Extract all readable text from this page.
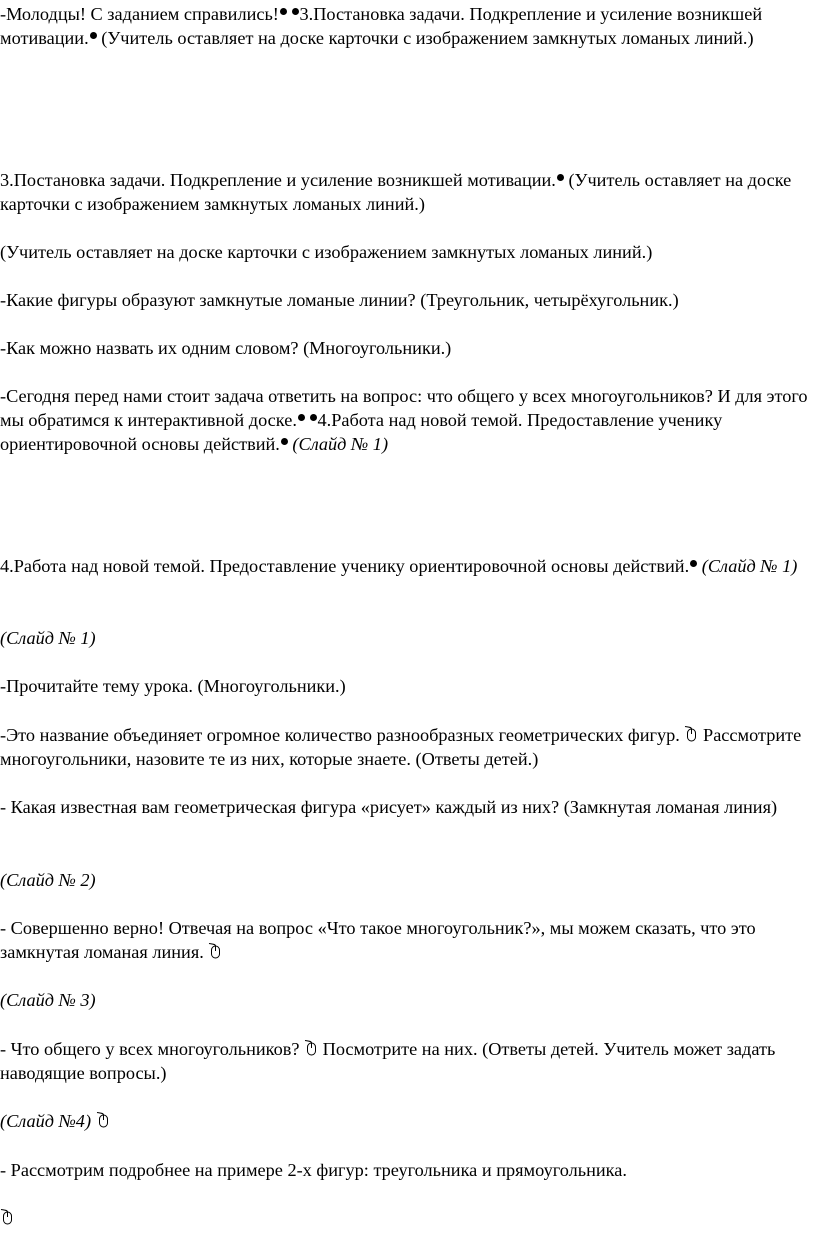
-Молодцы! С заданием справились! 3.Постановка задачи. Подкрепление и усиление возникшей мотивации. (Учитель оставляет на доске карточки с изображением замкнутых ломаных линий.)

3.Постановка задачи. Подкрепление и усиление возникшей мотивации. (Учитель оставляет на доске карточки с изображением замкнутых ломаных линий.)

(Учитель оставляет на доске карточки с изображением замкнутых ломаных линий.)

-Какие фигуры образуют замкнутые ломаные линии? (Треугольник, четырёхугольник.)

-Как можно назвать их одним словом? (Многоугольники.)

-Сегодня перед нами стоит задача ответить на вопрос: что общего у всех многоугольников? И для этого мы обратимся к интерактивной доске. 4.Работа над новой темой. Предоставление ученику ориентировочной основы действий. (Слайд № 1)

4.Работа над новой темой. Предоставление ученику ориентировочной основы действий. (Слайд № 1)

(Слайд № 1)

-Прочитайте тему урока. (Многоугольники.)

-Это название объединяет огромное количество разнообразных геометрических фигур.
Рассмотрите многоугольники, назовите те из них, которые знаете. (Ответы детей.)

- Какая известная вам геометрическая фигура «рисует» каждый из них? (Замкнутая ломаная линия)

(Слайд № 2)

- Совершенно верно! Отвечая на вопрос «Что такое многоугольник?», мы можем сказать, что это замкнутая ломаная линия.

(Слайд № 3)

- Что общего у всех многоугольников?
Посмотрите на них. (Ответы детей. Учитель может задать наводящие вопросы.)

(Слайд №4)

- Рассмотрим подробнее на примере 2-х фигур: треугольника и прямоугольника.
